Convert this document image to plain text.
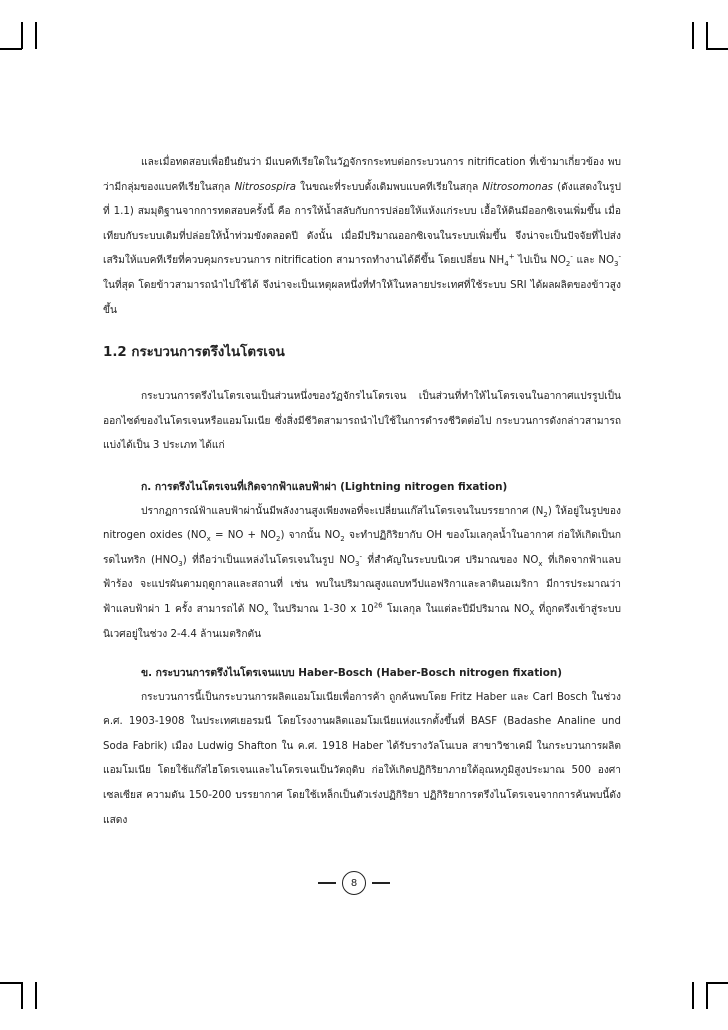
และเมื่อทดสอบเพื่อยืนยันว่า มีแบคทีเรียใดในวัฏจักรกระทบต่อกระบวนการ nitrification ที่เข้ามาเกี่ยวข้อง พบว่ามีกลุ่มของแบคทีเรียในสกุล Nitrosospira ในขณะที่ระบบดั้งเดิมพบแบคทีเรียในสกุล Nitrosomonas (ดังแสดงในรูปที่ 1.1) สมมุติฐานจากการทดสอบครั้งนี้ คือ การให้น้ำสลับกับการปล่อยให้แห้งแก่ระบบ เอื้อให้ดินมีออกซิเจนเพิ่มขึ้น เมื่อเทียบกับระบบเดิมที่ปล่อยให้น้ำท่วมขังตลอดปี ดังนั้น เมื่อมีปริมาณออกซิเจนในระบบเพิ่มขึ้น จึงน่าจะเป็นปัจจัยที่ไปส่งเสริมให้แบคทีเรียที่ควบคุมกระบวนการ nitrification สามารถทำงานได้ดีขึ้น โดยเปลี่ยน $NH_4^+$ ไปเป็น $NO_2^-$ และ $NO_3^-$ ในที่สุด โดยข้าวสามารถนำไปใช้ได้ จึงน่าจะเป็นเหตุผลหนึ่งที่ทำให้ในหลายประเทศที่ใช้ระบบ SRI ได้ผลผลิตของข้าวสูงขึ้น

1.2 กระบวนการตรึงไนโตรเจน

กระบวนการตรึงไนโตรเจนเป็นส่วนหนึ่งของวัฏจักรไนโตรเจน เป็นส่วนที่ทำให้ไนโตรเจนในอากาศแปรรูปเป็นออกไซด์ของไนโตรเจนหรือแอมโมเนีย ซึ่งสิ่งมีชีวิตสามารถนำไปใช้ในการดำรงชีวิตต่อไป กระบวนการดังกล่าวสามารถแบ่งได้เป็น 3 ประเภท ได้แก่

ก. การตรึงไนโตรเจนที่เกิดจากฟ้าแลบฟ้าผ่า (Lightning nitrogen fixation)

ปรากฏการณ์ฟ้าแลบฟ้าผ่านั้นมีพลังงานสูงเพียงพอที่จะเปลี่ยนแก๊สไนโตรเจนในบรรยากาศ $(N_2)$ ให้อยู่ในรูปของ nitrogen oxides ($NO_x$ = NO + $NO_2$) จากนั้น $NO_2$ จะทำปฏิกิริยากับ OH ของโมเลกุลน้ำในอากาศ ก่อให้เกิดเป็นกรดไนทริก $(HNO_3)$ ที่ถือว่าเป็นแหล่งไนโตรเจนในรูป $NO_3^-$ ที่สำคัญในระบบนิเวศ ปริมาณของ $NO_x$ ที่เกิดจากฟ้าแลบฟ้าร้อง จะแปรผันตามฤดูกาลและสถานที่ เช่น พบในปริมาณสูงแถบทวีปแอฟริกาและลาตินอเมริกา มีการประมาณว่า ฟ้าแลบฟ้าผ่า 1 ครั้ง สามารถได้ $NO_x$ ในปริมาณ 1-30 x $10^{26}$ โมเลกุล ในแต่ละปีมีปริมาณ $NO_X$ ที่ถูกตรึงเข้าสู่ระบบนิเวศอยู่ในช่วง 2-4.4 ล้านเมตริกตัน

ข. กระบวนการตรึงไนโตรเจนแบบ Haber-Bosch (Haber-Bosch nitrogen fixation)

กระบวนการนี้เป็นกระบวนการผลิตแอมโมเนียเพื่อการค้า ถูกค้นพบโดย Fritz Haber และ Carl Bosch ในช่วง ค.ศ. 1903-1908 ในประเทศเยอรมนี โดยโรงงานผลิตแอมโมเนียแห่งแรกตั้งขึ้นที่ BASF (Badashe Analine und Soda Fabrik) เมือง Ludwig Shafton ใน ค.ศ. 1918 Haber ได้รับรางวัลโนเบล สาขาวิชาเคมี ในกระบวนการผลิตแอมโมเนีย โดยใช้แก๊สไฮโดรเจนและไนโตรเจนเป็นวัตถุดิบ ก่อให้เกิดปฏิกิริยาภายใต้อุณหภูมิสูงประมาณ 500 องศาเซลเซียส ความดัน 150-200 บรรยากาศ โดยใช้เหล็กเป็นตัวเร่งปฏิกิริยา ปฏิกิริยาการตรึงไนโตรเจนจากการค้นพบนี้ดังแสดง

8
